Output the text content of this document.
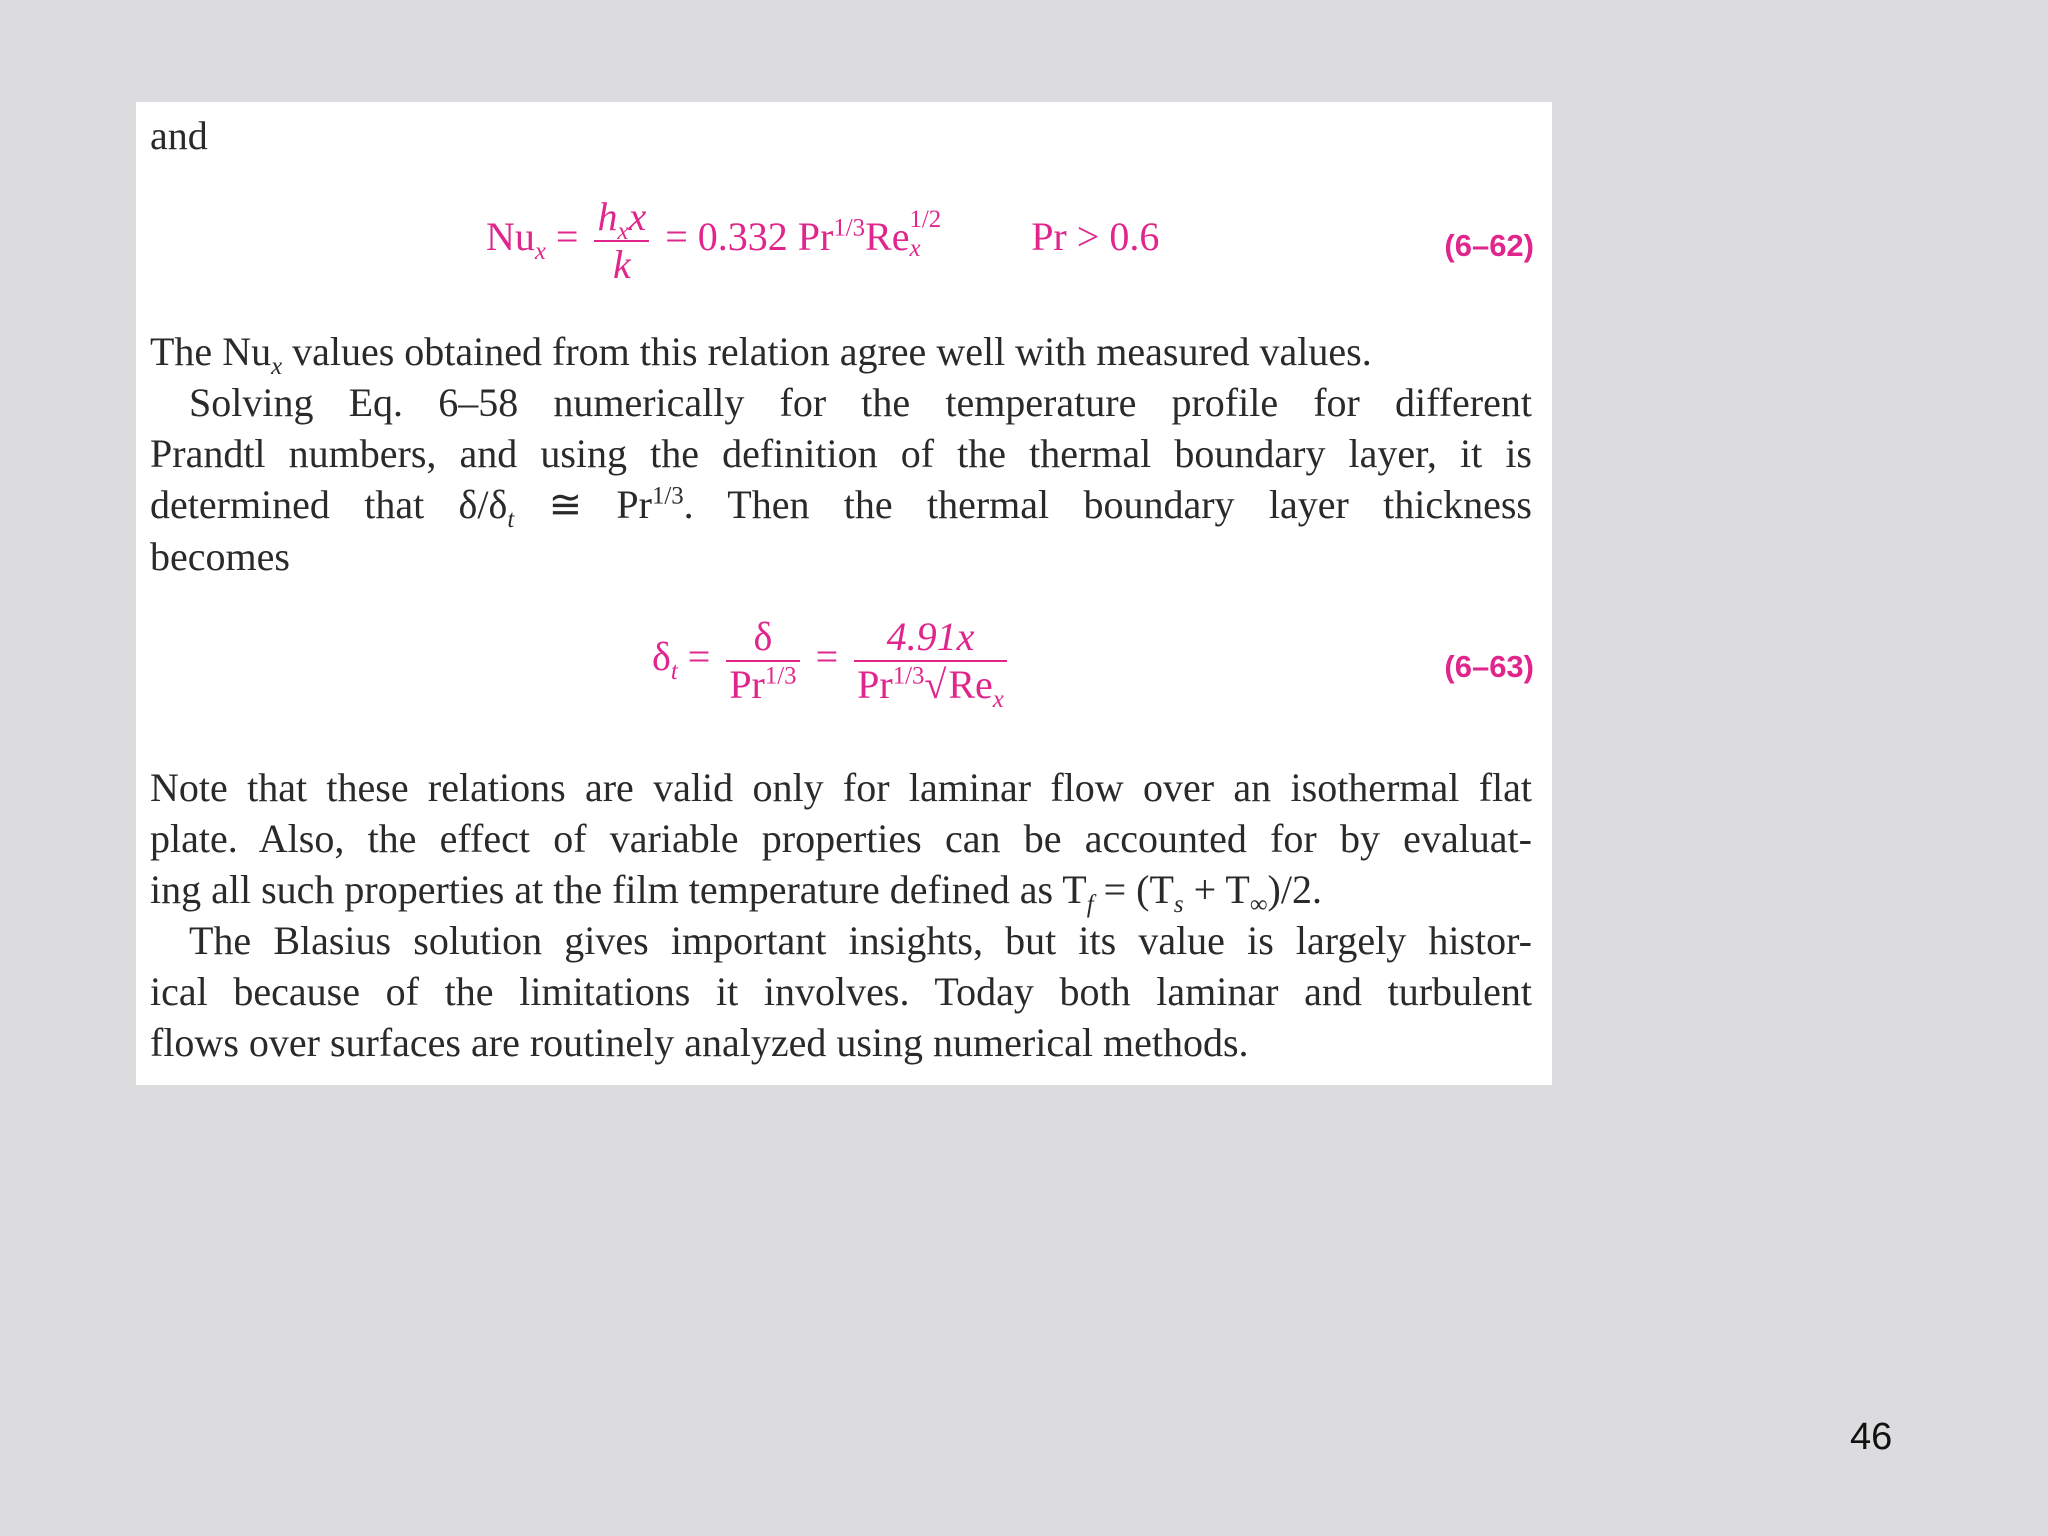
and
$Nu_x = \frac{h_xx}{k} = 0.332$ $Pr^{1/3}Re$ 1/2
x	Pr > 0.6	(6–62)
The $Nu_x$ values obtained from this relation agree well with measured values.
Solving Eq. 6–58 numerically for the temperature profile for different
Prandtl numbers, and using the definition of the thermal boundary layer, it is
determined that $\delta/\delta_t$ ≅ $Pr^{1/3}$. Then the thermal boundary layer thickness
becomes
$\delta_t = \frac{\delta}{Pr^{1/3}} = \frac{4.91x}{Pr^{1/3}√Re_x}$	(6–63)
Note that these relations are valid only for laminar flow over an isothermal flat
plate. Also, the effect of variable properties can be accounted for by evaluat-
ing all such properties at the film temperature defined as $T_f = (T_s + T_\infty)/2$.
The Blasius solution gives important insights, but its value is largely histor-
ical because of the limitations it involves. Today both laminar and turbulent
flows over surfaces are routinely analyzed using numerical methods.
46
